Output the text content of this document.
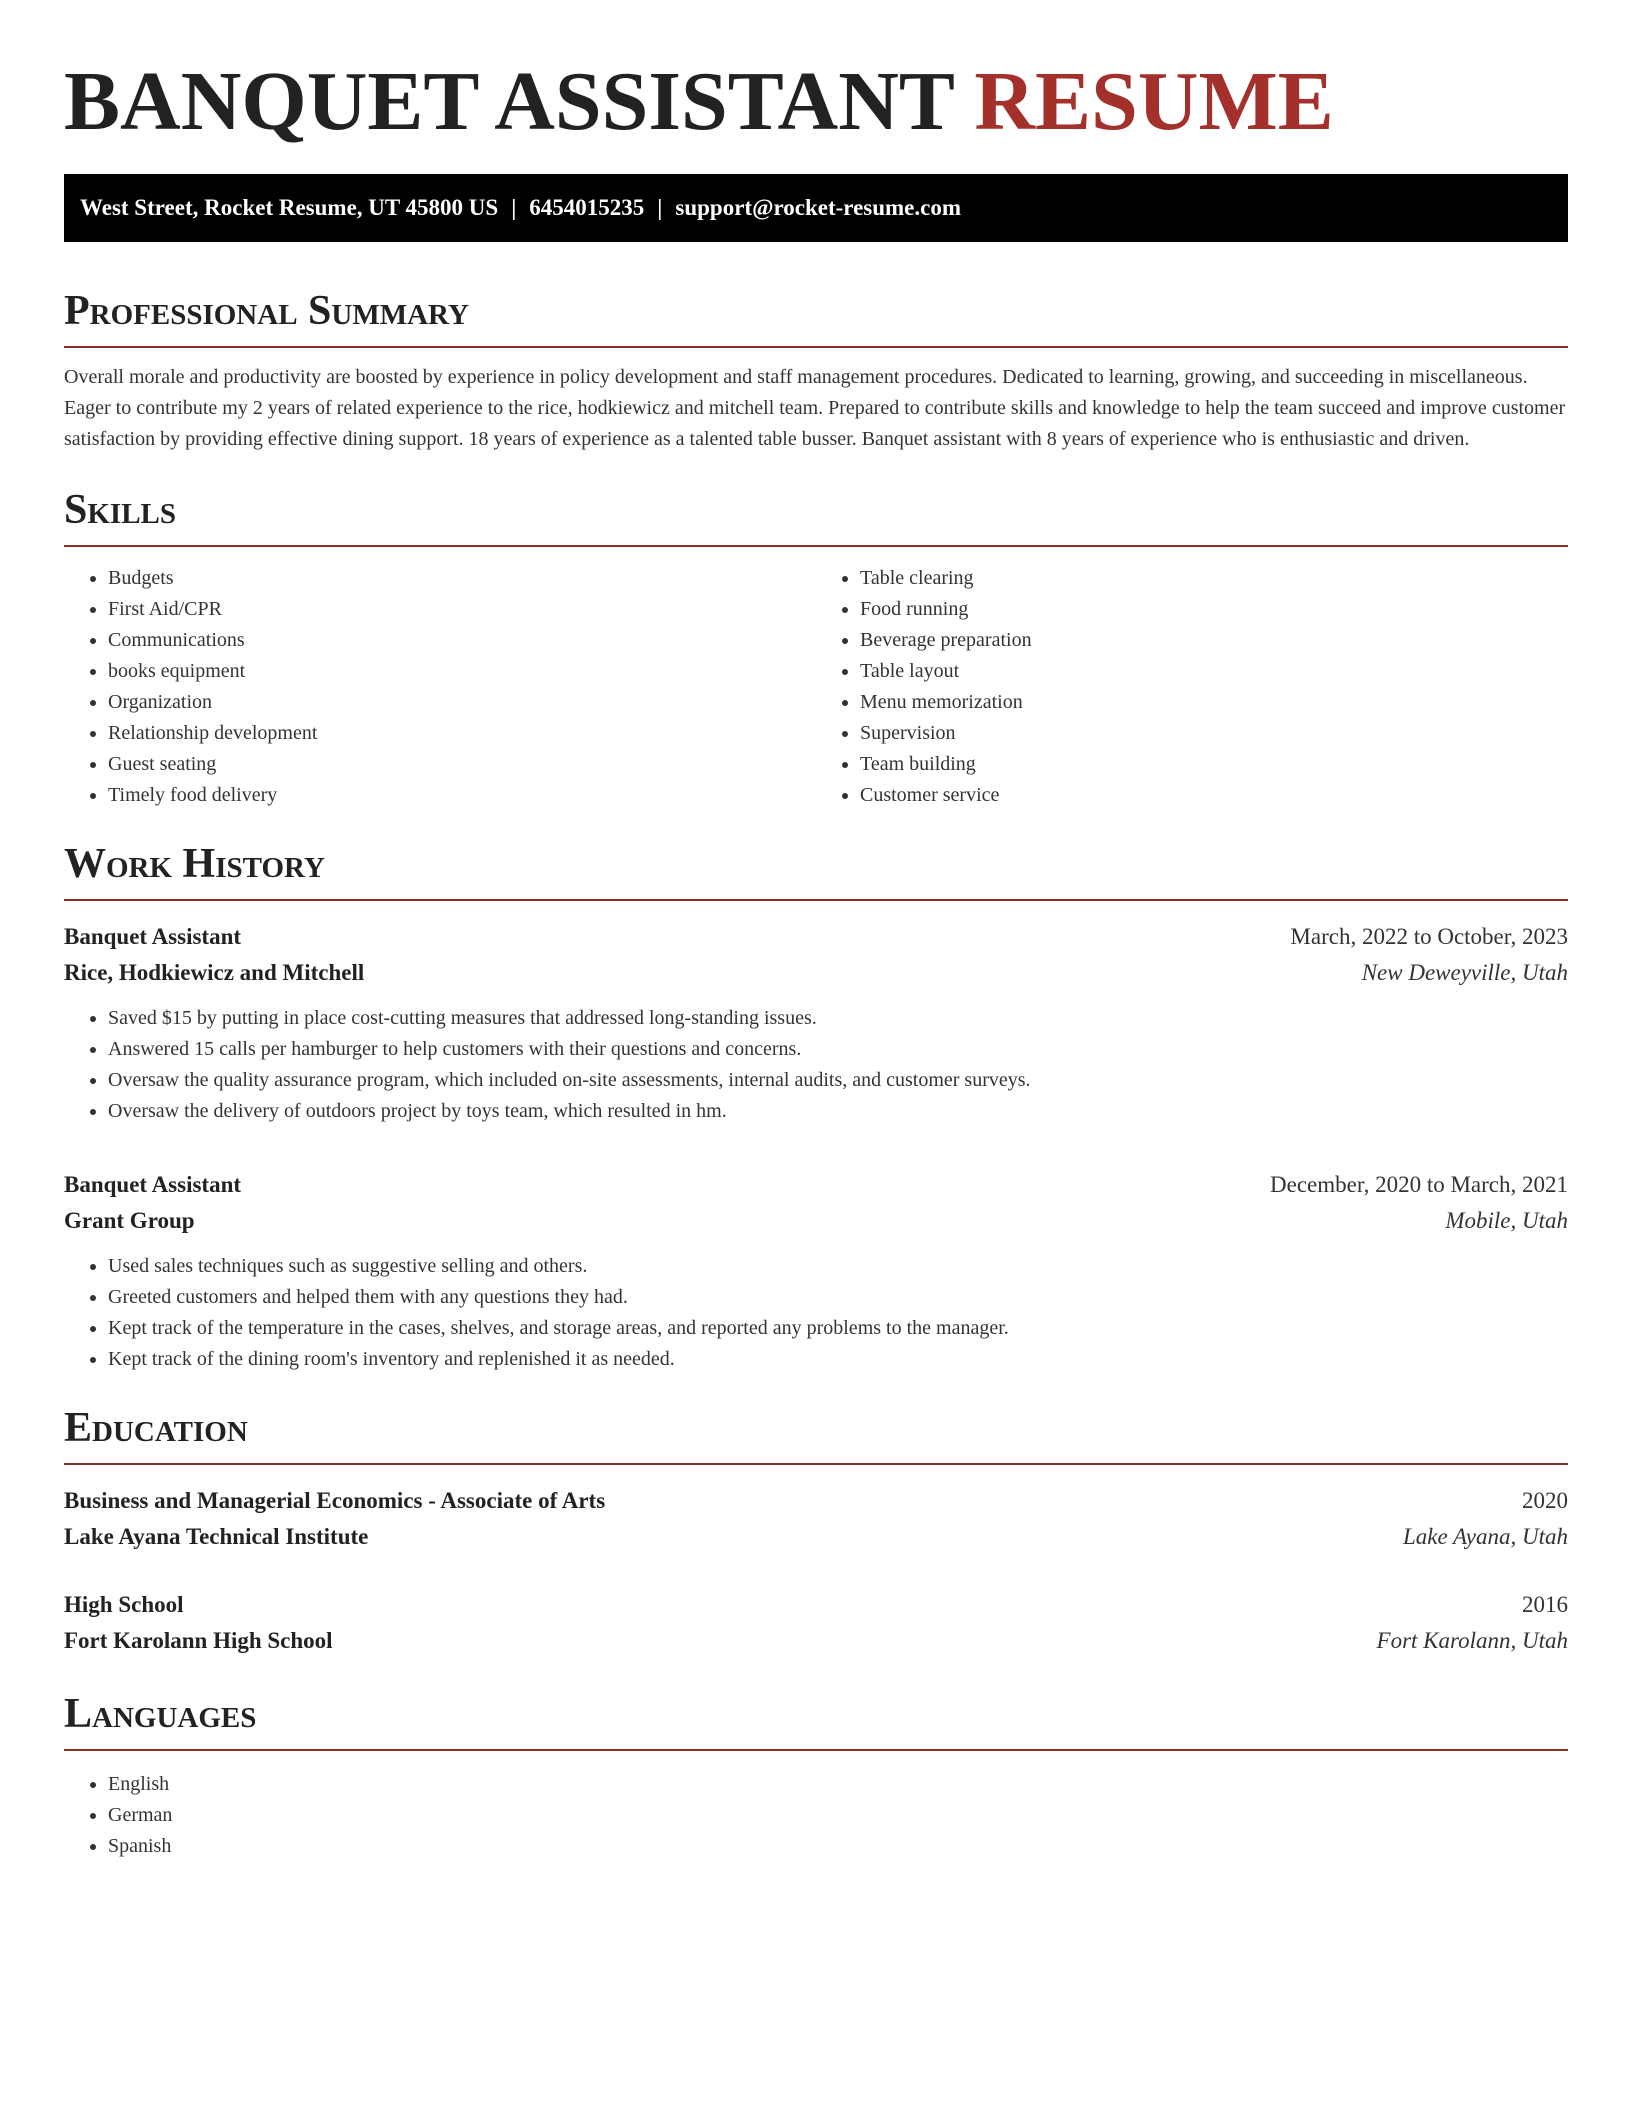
BANQUET ASSISTANT RESUME
West Street, Rocket Resume, UT 45800 US | 6454015235 | support@rocket-resume.com
Professional Summary

Overall morale and productivity are boosted by experience in policy development and staff management procedures. Dedicated to learning, growing, and succeeding in miscellaneous. Eager to contribute my 2 years of related experience to the rice, hodkiewicz and mitchell team. Prepared to contribute skills and knowledge to help the team succeed and improve customer satisfaction by providing effective dining support. 18 years of experience as a talented table busser. Banquet assistant with 8 years of experience who is enthusiastic and driven.

Skills
• Budgets
• First Aid/CPR
• Communications
• books equipment
• Organization
• Relationship development
• Guest seating
• Timely food delivery
• Table clearing
• Food running
• Beverage preparation
• Table layout
• Menu memorization
• Supervision
• Team building
• Customer service
Work History
Banquet Assistant	March, 2022 to October, 2023
Rice, Hodkiewicz and Mitchell	New Deweyville, Utah
• Saved $15 by putting in place cost-cutting measures that addressed long-standing issues.
• Answered 15 calls per hamburger to help customers with their questions and concerns.
• Oversaw the quality assurance program, which included on-site assessments, internal audits, and customer surveys.
• Oversaw the delivery of outdoors project by toys team, which resulted in hm.
Banquet Assistant	December, 2020 to March, 2021
Grant Group	Mobile, Utah
• Used sales techniques such as suggestive selling and others.
• Greeted customers and helped them with any questions they had.
• Kept track of the temperature in the cases, shelves, and storage areas, and reported any problems to the manager.
• Kept track of the dining room's inventory and replenished it as needed.
Education
Business and Managerial Economics - Associate of Arts	2020
Lake Ayana Technical Institute	Lake Ayana, Utah
High School	2016
Fort Karolann High School	Fort Karolann, Utah
Languages
• English
• German
• Spanish
